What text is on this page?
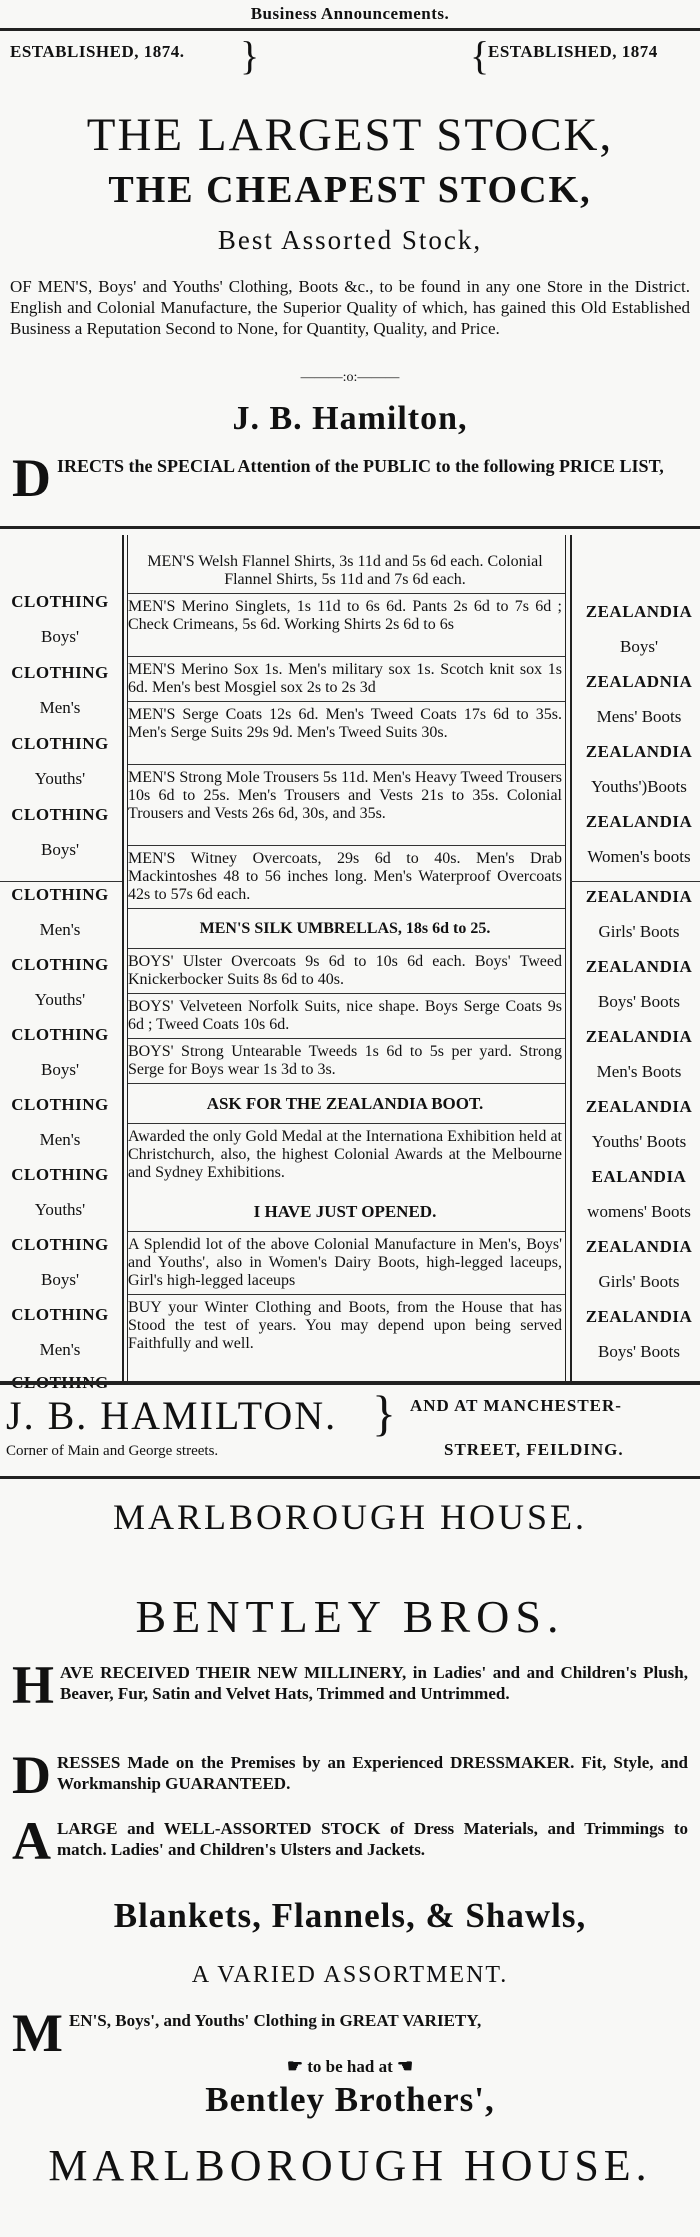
Business Announcements.
ESTABLISHED, 1874. }	{
ESTABLISHED, 1874
THE LARGEST STOCK,
THE CHEAPEST STOCK,
Best Assorted Stock,
OF MEN'S, Boys' and Youths' Clothing, Boots &c., to be found in any one Store in the District. English and Colonial Manufacture, the Superior Quality of which, has gained this Old Established Business a Reputation Second to None, for Quantity, Quality, and Price.
———:o:———
J. B. Hamilton,
D IRECTS the SPECIAL Attention of the PUBLIC to the following PRICE LIST,
CLOTHING
Boys'
CLOTHING
Men's
CLOTHING
Youths'
CLOTHING
Boys'
CLOTHING
Men's
CLOTHING
Youths'
CLOTHING
Boys'
CLOTHING
Men's
CLOTHING
Youths'
CLOTHING
Boys'
CLOTHING
Men's
ZEALANDIA
Boys'
ZEALADNIA
Mens' Boots
ZEALANDIA
Youths')Boots
ZEALANDIA
Women's boots
ZEALANDIA
Girls' Boots
ZEALANDIA
Boys' Boots
ZEALANDIA
Men's Boots
ZEALANDIA
Youths' Boots
EALANDIA
womens' Boots
ZEALANDIA
Girls' Boots
ZEALANDIA
Boys' Boots
MEN'S Welsh Flannel Shirts, 3s 11d and 5s 6d each. Colonial Flannel Shirts, 5s 11d and 7s 6d each.
MEN'S Merino Singlets, 1s 11d to 6s 6d. Pants 2s 6d to 7s 6d ; Check Crimeans, 5s 6d. Working Shirts 2s 6d to 6s
MEN'S Merino Sox 1s. Men's military sox 1s. Scotch knit sox 1s 6d. Men's best Mosgiel sox 2s to 2s 3d
MEN'S Serge Coats 12s 6d. Men's Tweed Coats 17s 6d to 35s. Men's Serge Suits 29s 9d. Men's Tweed Suits 30s.
MEN'S Strong Mole Trousers 5s 11d. Men's Heavy Tweed Trousers 10s 6d to 25s. Men's Trousers and Vests 21s to 35s. Colonial Trousers and Vests 26s 6d, 30s, and 35s.
MEN'S Witney Overcoats, 29s 6d to 40s. Men's Drab Mackintoshes 48 to 56 inches long. Men's Waterproof Overcoats 42s to 57s 6d each.
MEN'S SILK UMBRELLAS, 18s 6d to 25.
BOYS' Ulster Overcoats 9s 6d to 10s 6d each. Boys' Tweed Knickerbocker Suits 8s 6d to 40s.
BOYS' Velveteen Norfolk Suits, nice shape. Boys Serge Coats 9s 6d ; Tweed Coats 10s 6d.
BOYS' Strong Untearable Tweeds 1s 6d to 5s per yard. Strong Serge for Boys wear 1s 3d to 3s.
ASK FOR THE ZEALANDIA BOOT.
Awarded the only Gold Medal at the Internationa Exhibition held at Christchurch, also, the highest Colonial Awards at the Melbourne and Sydney Exhibitions.
I HAVE JUST OPENED.
A Splendid lot of the above Colonial Manufacture in Men's, Boys' and Youths', also in Women's Dairy Boots, high-legged laceups, Girl's high-legged laceups
BUY your Winter Clothing and Boots, from the House that has Stood the test of years. You may depend upon being served Faithfully and well.
J. B. HAMILTON. }
Corner of Main and George streets.
AND AT MANCHESTER-
STREET, FEILDING.
MARLBOROUGH HOUSE.
BENTLEY BROS.
H AVE RECEIVED THEIR NEW MILLINERY, in Ladies' and and Children's Plush, Beaver, Fur, Satin and Velvet Hats, Trimmed and Untrimmed.
D RESSES Made on the Premises by an Experienced DRESSMAKER. Fit, Style, and Workmanship GUARANTEED.
A LARGE and WELL-ASSORTED STOCK of Dress Materials, and Trimmings to match. Ladies' and Children's Ulsters and Jackets.
Blankets, Flannels, & Shawls,
A VARIED ASSORTMENT.
M EN'S, Boys', and Youths' Clothing in GREAT VARIETY,
☛ to be had at ☚
Bentley Brothers',
MARLBOROUGH HOUSE.
